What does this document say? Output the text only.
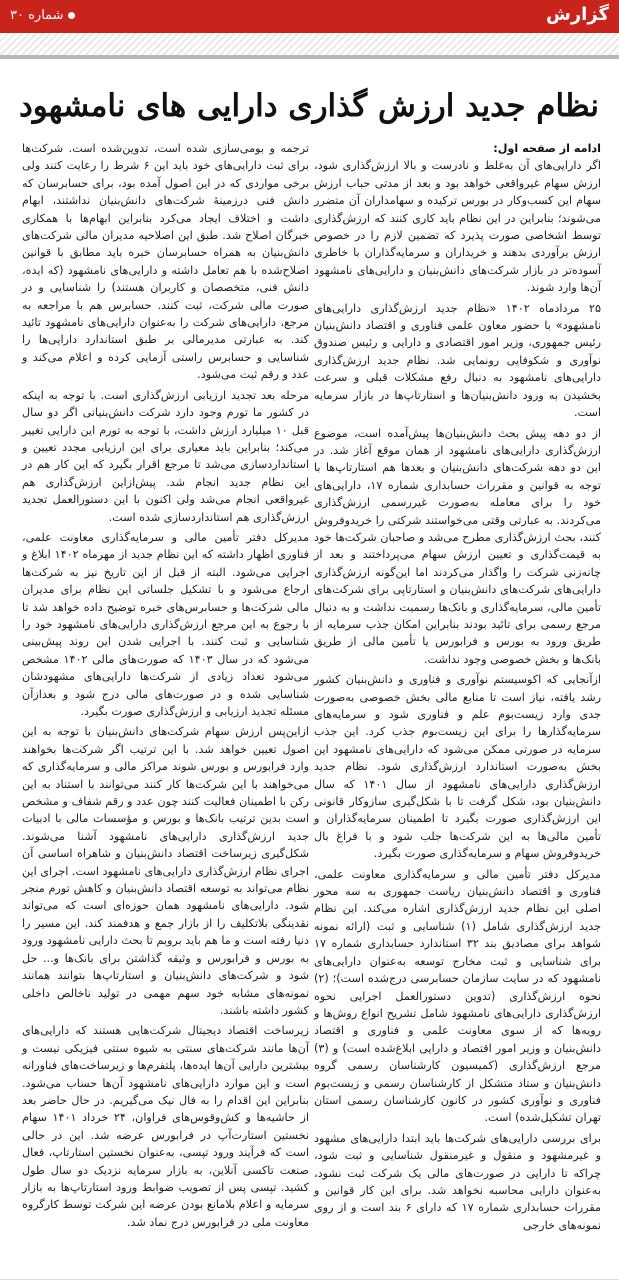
گزارش
شماره ۳۰
نظام جدید ارزش گذاری دارایی های نامشهود
ادامه از صفحه اول:

اگر دارایی‌های آن به‌غلط و نادرست و بالا ارزش‌گذاری شود، ارزش سهام غیرواقعی خواهد بود و بعد از مدتی حباب ارزش سهام این کسب‌وکار در بورس ترکیده و سهامداران آن متضرر می‌شوند؛ بنابراین در این نظام باید کاری کنند که ارزش‌گذاری توسط اشخاصی صورت پذیرد که تضمین لازم را در خصوص ارزش برآوردی بدهند و خریداران و سرمایه‌گذاران با خاطری آسوده‌تر در بازار شرکت‌های دانش‌بنیان و دارایی‌های نامشهود آن‌ها وارد شوند.

۲۵ مردادماه ۱۴۰۲ «نظام جدید ارزش‌گذاری دارایی‌های نامشهود» با حضور معاون علمی فناوری و اقتصاد دانش‌بنیان رئیس جمهوری، وزیر امور اقتصادی و دارایی و رئیس صندوق نوآوری و شکوفایی رونمایی شد. نظام جدید ارزش‌گذاری دارایی‌های نامشهود به دنبال رفع مشکلات قبلی و سرعت بخشیدن به ورود دانش‌بنیان‌ها و استارتاپ‌ها در بازار سرمایه است.

از دو دهه پیش بحث دانش‌بنیان‌ها پیش‌آمده است، موضوع ارزش‌گذاری دارایی‌های نامشهود از همان موقع آغاز شد. در این دو دهه شرکت‌های دانش‌بنیان و بعدها هم استارتاپ‌ها با توجه به قوانین و مقررات حسابداری شماره ۱۷، دارایی‌های خود را برای معامله به‌صورت غیررسمی ارزش‌گذاری می‌کردند. به عبارتی وقتی می‌خواستند شرکتی را خریدوفروش کنند، بحث ارزش‌گذاری مطرح می‌شد و صاحبان شرکت‌ها خود به قیمت‌گذاری و تعیین ارزش سهام می‌پرداختند و بعد از چانه‌زنی شرکت را واگذار می‌کردند اما این‌گونه ارزش‌گذاری دارایی‌های شرکت‌های دانش‌بنیان و استارتاپی برای شرکت‌های تأمین مالی، سرمایه‌گذاری و بانک‌ها رسمیت نداشت و به دنبال مرجع رسمی برای تائید بودند بنابراین امکان جذب سرمایه از طریق ورود به بورس و فرابورس یا تأمین مالی از طریق بانک‌ها و بخش خصوصی وجود نداشت.

ازآنجایی که اکوسیستم نوآوری و فناوری و دانش‌بنیان کشور رشد یافته، نیاز است تا منابع مالی بخش خصوصی به‌صورت جدی وارد زیست‌بوم علم و فناوری شود و سرمایه‌های سرمایه‌گذارها را برای این زیست‌بوم جذب کرد. این جذب سرمایه در صورتی ممکن می‌شود که دارایی‌های نامشهود این بخش به‌صورت استاندارد ارزش‌گذاری شود. نظام جدید ارزش‌گذاری دارایی‌های نامشهود از سال ۱۴۰۱ که سال دانش‌بنیان بود، شکل گرفت تا با شکل‌گیری سازوکار قانونی این ارزش‌گذاری صورت بگیرد تا اطمینان سرمایه‌گذاران و تأمین مالی‌ها به این شرکت‌ها جلب شود و با فراغ بال خریدوفروش سهام و سرمایه‌گذاری صورت بگیرد.

مدیرکل دفتر تأمین مالی و سرمایه‌گذاری معاونت علمی، فناوری و اقتصاد دانش‌بنیان ریاست جمهوری به سه محور اصلی این نظام جدید ارزش‌گذاری اشاره می‌کند. این نظام جدید ارزش‌گذاری شامل (۱) شناسایی و ثبت (ارائه نمونه شواهد برای مصادیق بند ۳۲ استاندارد حسابداری شماره ۱۷ برای شناسایی و ثبت مخارج توسعه به‌عنوان دارایی‌های نامشهود که در سایت سازمان حسابرسی درج‌شده است)؛ (۲) نحوه ارزش‌گذاری (تدوین دستورالعمل اجرایی نحوه ارزش‌گذاری دارایی‌های نامشهود شامل تشریح انواع روش‌ها و رویه‌ها که از سوی معاونت علمی و فناوری و اقتصاد دانش‌بنیان و وزیر امور اقتصاد و دارایی ابلاغ‌شده است) و (۳) مرجع ارزش‌گذاری (کمیسیون کارشناسان رسمی گروه دانش‌بنیان و ستاد متشکل از کارشناسان رسمی و زیست‌بوم فناوری و نوآوری کشور در کانون کارشناسان رسمی استان تهران تشکیل‌شده) است.

برای بررسی دارایی‌های شرکت‌ها باید ابتدا دارایی‌های مشهود و غیرمشهود و منقول و غیرمنقول شناسایی و ثبت شود، چراکه تا دارایی در صورت‌های مالی یک شرکت ثبت نشود، به‌عنوان دارایی محاسبه نخواهد شد. برای این کار قوانین و مقررات حسابداری شماره ۱۷ که دارای ۶ بند است و از روی نمونه‌های خارجی

ترجمه و بومی‌سازی شده است، تدوین‌شده است. شرکت‌ها برای ثبت دارایی‌های خود باید این ۶ شرط را رعایت کنند ولی برخی مواردی که در این اصول آمده بود، برای حسابرسان که دانش فنی درزمینهٔ شرکت‌های دانش‌بنیان نداشتند، ابهام داشت و اختلاف ایجاد می‌کرد بنابراین ابهام‌ها با همکاری خبرگان اصلاح شد. طبق این اصلاحیه مدیران مالی شرکت‌های دانش‌بنیان به همراه حسابرسان خبره باید مطابق با قوانین اصلاح‌شده با هم تعامل داشته و دارایی‌های نامشهود (که ایده، دانش فنی، متخصصان و کاربران هستند) را شناسایی و در صورت مالی شرکت، ثبت کنند. حسابرس هم با مراجعه به مرجع، دارایی‌های شرکت را به‌عنوان دارایی‌های نامشهود تائید کند. به عبارتی مدیرمالی بر طبق استاندارد دارایی‌ها را شناسایی و حسابرس راستی آزمایی کرده و اعلام می‌کند و عدد و رقم ثبت می‌شود.

مرحله بعد تجدید ارزیابی ارزش‌گذاری است. با توجه به اینکه در کشور ما تورم وجود دارد شرکت دانش‌بنیانی اگر دو سال قبل ۱۰ میلیارد ارزش داشت، با توجه به تورم این دارایی تغییر می‌کند؛ بنابراین باید معیاری برای این ارزیابی مجدد تعیین و استانداردسازی می‌شد تا مرجع اقرار بگیرد که این کار هم در این نظام جدید انجام شد. پیش‌ازاین ارزش‌گذاری هم غیرواقعی انجام می‌شد ولی اکنون با این دستورالعمل تجدید ارزش‌گذاری هم استانداردسازی شده است.

مدیرکل دفتر تأمین مالی و سرمایه‌گذاری معاونت علمی، فناوری اظهار داشته که این نظام جدید از مهرماه ۱۴۰۲ ابلاغ و اجرایی می‌شود. البته از قبل از این تاریخ نیز به شرکت‌ها ارجاع می‌شود و با تشکیل جلساتی این نظام برای مدیران مالی شرکت‌ها و حسابرس‌های خبره توضیح داده خواهد شد تا با رجوع به این مرجع ارزش‌گذاری دارایی‌های نامشهود خود را شناسایی و ثبت کنند. با اجرایی شدن این روند پیش‌بینی می‌شود که در سال ۱۴۰۳ که صورت‌های مالی ۱۴۰۲ مشخص می‌شود تعداد زیادی از شرکت‌ها دارایی‌های مشهودشان شناسایی شده و در صورت‌های مالی درج شود و بعدازآن مسئله تجدید ارزیابی و ارزش‌گذاری صورت بگیرد.

ازاین‌پس ارزش سهام شرکت‌های دانش‌بنیان با توجه به این اصول تعیین خواهد شد. با این ترتیب اگر شرکت‌ها بخواهند وارد فرابورس و بورس شوند مراکز مالی و سرمایه‌گذاری که می‌خواهند با این شرکت‌ها کار کنند می‌توانند با استناد به این رکن با اطمینان فعالیت کنند چون عدد و رقم شفاف و مشخص است بدین ترتیب بانک‌ها و بورس و مؤسسات مالی با ادبیات جدید ارزش‌گذاری دارایی‌های نامشهود آشنا می‌شوند. شکل‌گیری زیرساخت اقتصاد دانش‌بنیان و شاهراه اساسی آن اجرای نظام ارزش‌گذاری دارایی‌های نامشهود است. اجرای این نظام می‌تواند به توسعه اقتصاد دانش‌بنیان و کاهش تورم منجر شود. دارایی‌های نامشهود همان حوزه‌ای است که می‌تواند نقدینگی بلاتکلیف را از بازار جمع و هدفمند کند. این مسیر را دنیا رفته است و ما هم باید بروبم تا بحث دارایی نامشهود ورود به بورس و فرابورس و وثیقه گذاشتن برای بانک‌ها و... حل شود و شرکت‌های دانش‌بنیان و استارتاپ‌ها بتوانند همانند نمونه‌های مشابه خود سهم مهمی در تولید ناخالص داخلی کشور داشته باشند.

زیرساخت اقتصاد دیجیتال شرکت‌هایی هستند که دارایی‌های آن‌ها مانند شرکت‌های سنتی به شیوه سنتی فیزیکی نیست و بیشترین دارایی آن‌ها ایده‌ها، پلتفرم‌ها و زیرساخت‌های فناورانه است و این موارد دارایی‌های نامشهود آن‌ها حساب می‌شود. بنابراین این اقدام را به فال نیک می‌گیریم. در حال حاضر بعد از حاشیه‌ها و کش‌وقوس‌های فراوان، ۲۴ خرداد ۱۴۰۱ سهام نخستین استارت‌آپ در فرابورس عرضه شد. این در حالی است که فرآیند ورود تپسی، به‌عنوان نخستین استارتاپ، فعال صنعت تاکسی آنلاین، به بازار سرمایه نزدیک دو سال طول کشید. تپسی پس از تصویب ضوابط ورود استارتاپ‌ها به بازار سرمایه و اعلام بلامانع بودن عرضه این شرکت توسط کارگروه معاونت ملی در فرابورس درج نماد شد.
